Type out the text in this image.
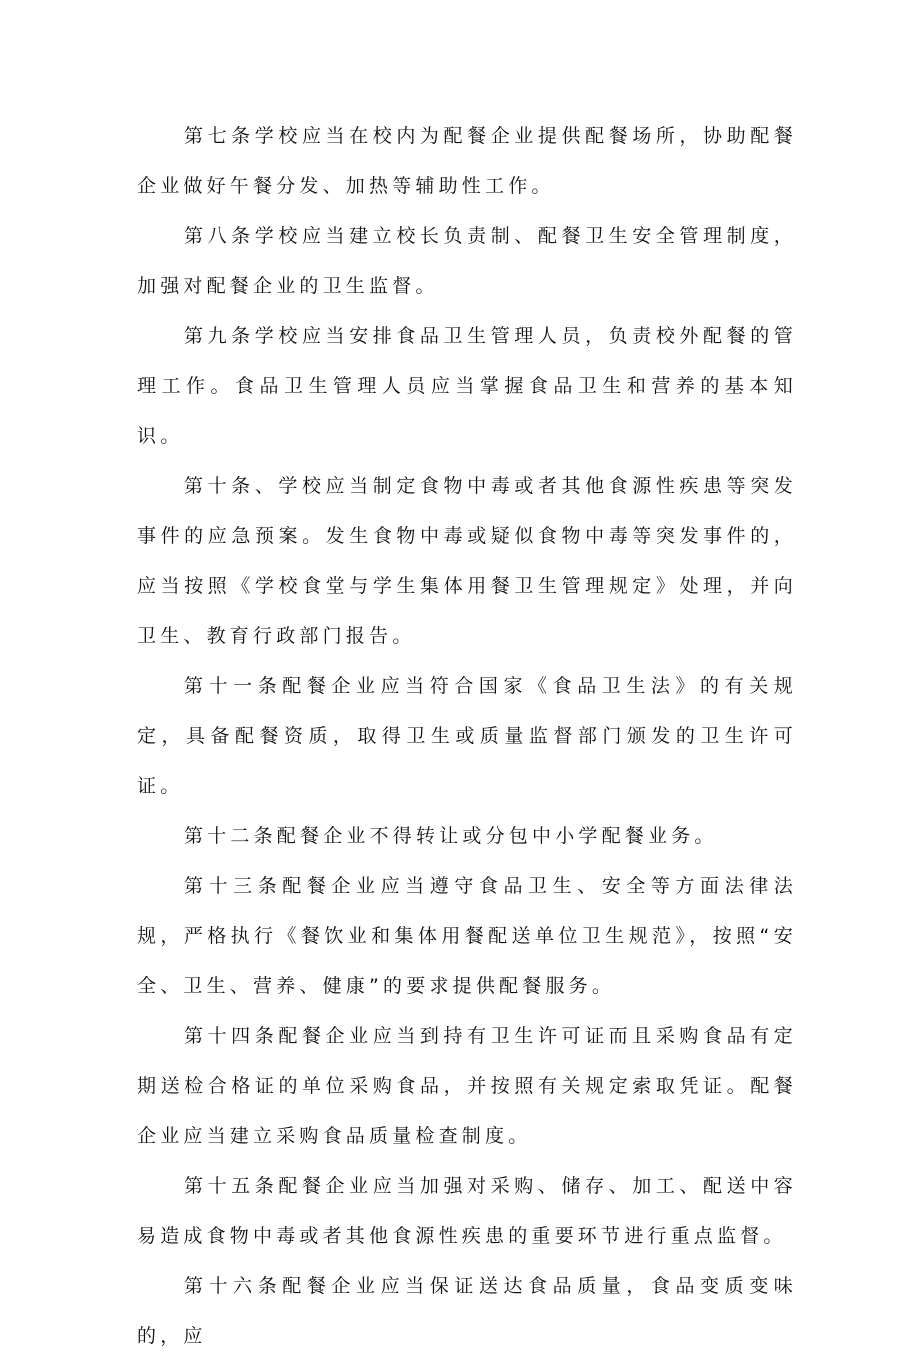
第七条学校应当在校内为配餐企业提供配餐场所，协助配餐企业做好午餐分发、加热等辅助性工作。

第八条学校应当建立校长负责制、配餐卫生安全管理制度，加强对配餐企业的卫生监督。

第九条学校应当安排食品卫生管理人员，负责校外配餐的管理工作。食品卫生管理人员应当掌握食品卫生和营养的基本知识。

第十条、学校应当制定食物中毒或者其他食源性疾患等突发事件的应急预案。发生食物中毒或疑似食物中毒等突发事件的，应当按照《学校食堂与学生集体用餐卫生管理规定》处理，并向卫生、教育行政部门报告。

第十一条配餐企业应当符合国家《食品卫生法》的有关规定，具备配餐资质，取得卫生或质量监督部门颁发的卫生许可证。

第十二条配餐企业不得转让或分包中小学配餐业务。

第十三条配餐企业应当遵守食品卫生、安全等方面法律法规，严格执行《餐饮业和集体用餐配送单位卫生规范》，按照“安全、卫生、营养、健康”的要求提供配餐服务。

第十四条配餐企业应当到持有卫生许可证而且采购食品有定期送检合格证的单位采购食品，并按照有关规定索取凭证。配餐企业应当建立采购食品质量检查制度。

第十五条配餐企业应当加强对采购、储存、加工、配送中容易造成食物中毒或者其他食源性疾患的重要环节进行重点监督。

第十六条配餐企业应当保证送达食品质量，食品变质变味的，应
